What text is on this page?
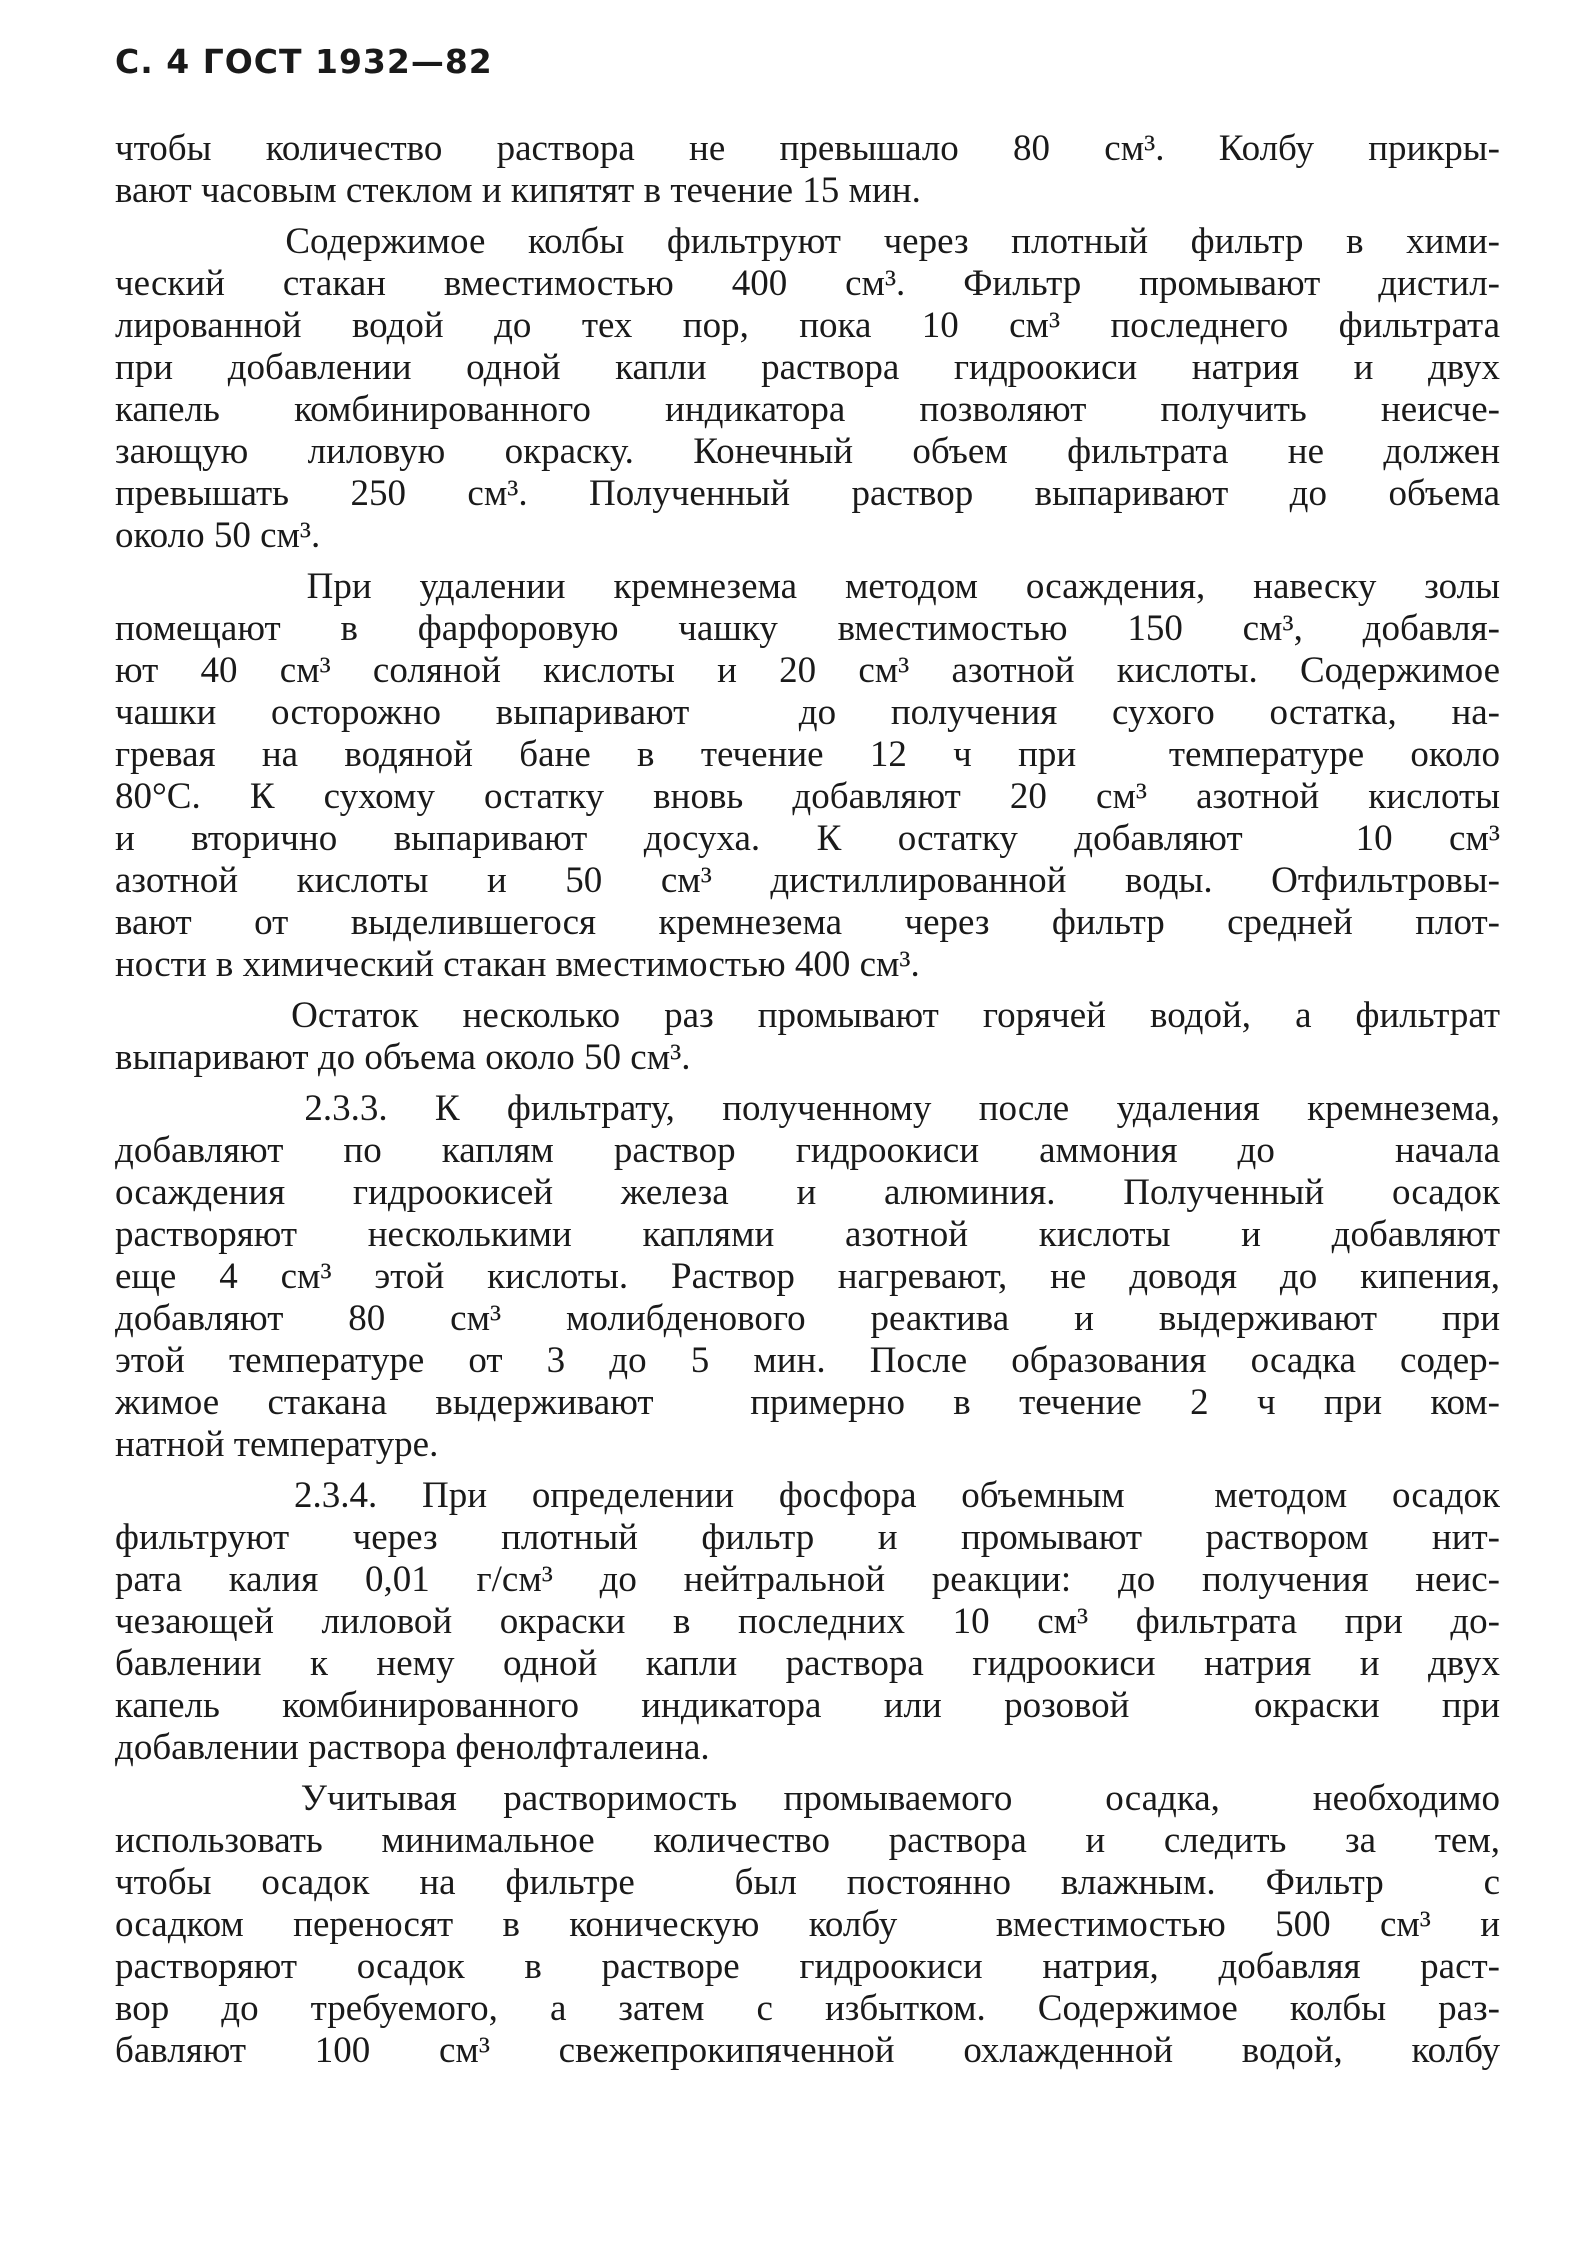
С. 4 ГОСТ 1932—82
чтобы количество раствора не превышало 80 см³. Колбу прикры-
вают часовым стеклом и кипятят в течение 15 мин.
Содержимое колбы фильтруют через плотный фильтр в хими-
ческий стакан вместимостью 400 см³. Фильтр промывают дистил-
лированной водой до тех пор, пока 10 см³ последнего фильтрата
при добавлении одной капли раствора гидроокиси натрия и двух
капель комбинированного индикатора позволяют получить неисче-
зающую лиловую окраску. Конечный объем фильтрата не должен
превышать 250 см³. Полученный раствор выпаривают до объема
около 50 см³.
При удалении кремнезема методом осаждения, навеску золы
помещают в фарфоровую чашку вместимостью 150 см³, добавля-
ют 40 см³ соляной кислоты и 20 см³ азотной кислоты. Содержимое
чашки осторожно выпаривают  до получения сухого остатка, на-
гревая на водяной бане в течение 12 ч при  температуре около
80°С. К сухому остатку вновь добавляют 20 см³ азотной кислоты
и вторично выпаривают досуха. К остатку добавляют  10 см³
азотной кислоты и 50 см³ дистиллированной воды. Отфильтровы-
вают от выделившегося кремнезема через фильтр средней плот-
ности в химический стакан вместимостью 400 см³.
Остаток несколько раз промывают горячей водой, а фильтрат
выпаривают до объема около 50 см³.
2.3.3. К фильтрату, полученному после удаления кремнезема,
добавляют по каплям раствор гидроокиси аммония до  начала
осаждения гидроокисей железа и алюминия. Полученный осадок
растворяют несколькими каплями азотной кислоты и добавляют
еще 4 см³ этой кислоты. Раствор нагревают, не доводя до кипения,
добавляют 80 см³ молибденового реактива и выдерживают при
этой температуре от 3 до 5 мин. После образования осадка содер-
жимое стакана выдерживают  примерно в течение 2 ч при ком-
натной температуре.
2.3.4. При определении фосфора объемным  методом осадок
фильтруют через плотный фильтр и промывают раствором нит-
рата калия 0,01 г/см³ до нейтральной реакции: до получения неис-
чезающей лиловой окраски в последних 10 см³ фильтрата при до-
бавлении к нему одной капли раствора гидроокиси натрия и двух
капель комбинированного индикатора или розовой  окраски при
добавлении раствора фенолфталеина.
Учитывая растворимость промываемого  осадка,  необходимо
использовать минимальное количество раствора и следить за тем,
чтобы осадок на фильтре  был постоянно влажным. Фильтр  с
осадком переносят в коническую колбу  вместимостью 500 см³ и
растворяют осадок в растворе гидроокиси натрия, добавляя раст-
вор до требуемого, а затем с избытком. Содержимое колбы раз-
бавляют 100 см³ свежепрокипяченной охлажденной водой, колбу
